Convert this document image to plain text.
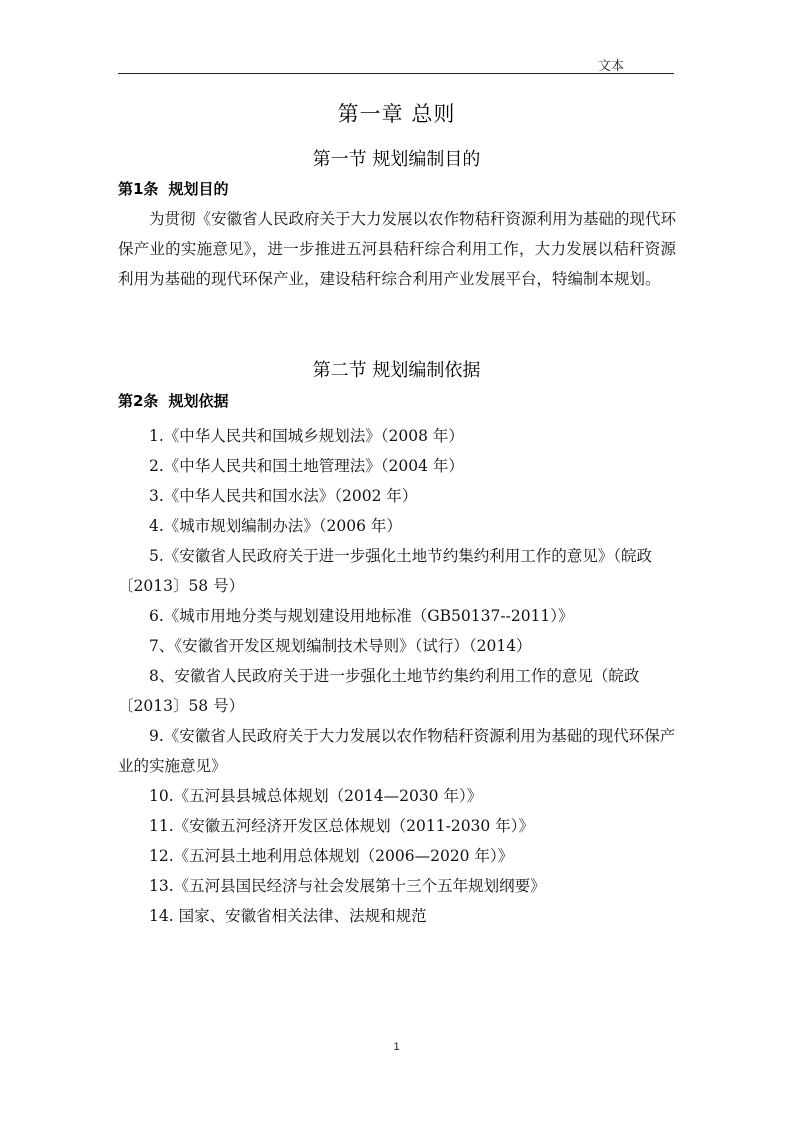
文本
第一章 总则
第一节 规划编制目的
第1条 规划目的
为贯彻《安徽省人民政府关于大力发展以农作物秸秆资源利用为基础的现代环保产业的实施意见》，进一步推进五河县秸秆综合利用工作，大力发展以秸秆资源利用为基础的现代环保产业，建设秸秆综合利用产业发展平台，特编制本规划。
第二节 规划编制依据
第2条 规划依据
1.《中华人民共和国城乡规划法》（2008 年）
2.《中华人民共和国土地管理法》（2004 年）
3.《中华人民共和国水法》（2002 年）
4.《城市规划编制办法》（2006 年）
5.《安徽省人民政府关于进一步强化土地节约集约利用工作的意见》（皖政〔2013〕58 号）
6.《城市用地分类与规划建设用地标准（GB50137--2011）》
7、《安徽省开发区规划编制技术导则》（试行）（2014）
8、安徽省人民政府关于进一步强化土地节约集约利用工作的意见（皖政〔2013〕58 号）
9.《安徽省人民政府关于大力发展以农作物秸秆资源利用为基础的现代环保产业的实施意见》
10.《五河县县城总体规划（2014—2030 年）》
11.《安徽五河经济开发区总体规划（2011-2030 年）》
12.《五河县土地利用总体规划（2006—2020 年）》
13.《五河县国民经济与社会发展第十三个五年规划纲要》
14. 国家、安徽省相关法律、法规和规范
1
